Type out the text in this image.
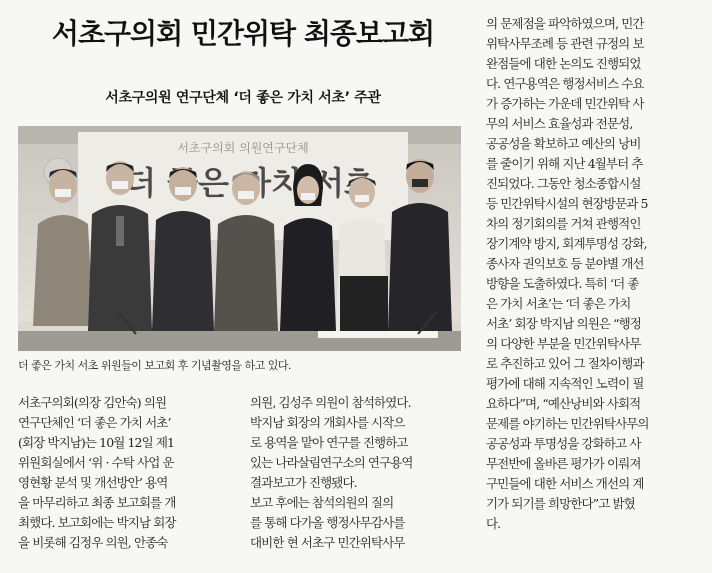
서초구의회 민간위탁 최종보고회
서초구의원 연구단체 ‘더 좋은 가치 서초’ 주관
서초구의회 의원연구단체
더 좋은 가치 서초
더 좋은 가치 서초 위원들이 보고회 후 기념촬영을 하고 있다.

서초구의회(의장 김안숙) 의원

연구단체인 ‘더 좋은 가치 서초’

(회장 박지남)는 10월 12일 제1

위원회실에서 ‘위 · 수탁 사업 운

영현황 분석 및 개선방안’ 용역

을 마무리하고 최종 보고회를 개

최했다. 보고회에는 박지남 회장

을 비롯해 김정우 의원, 안종숙

의원, 김성주 의원이 참석하였다.

박지남 회장의 개회사를 시작으

로 용역을 맡아 연구를 진행하고

있는 나라살림연구소의 연구용역

결과보고가 진행됐다.

보고 후에는 참석의원의 질의

를 통해 다가올 행정사무감사를

대비한 현 서초구 민간위탁사무

의 문제점을 파악하였으며, 민간

위탁사무조례 등 관련 규정의 보

완점들에 대한 논의도 진행되었

다. 연구용역은 행정서비스 수요

가 증가하는 가운데 민간위탁 사

무의 서비스 효율성과 전문성,

공공성을 확보하고 예산의 낭비

를 줄이기 위해 지난 4월부터 추

진되었다. 그동안 청소종합시설

등 민간위탁시설의 현장방문과 5

차의 정기회의를 거쳐 관행적인

장기계약 방지, 회계투명성 강화,

종사자 권익보호 등 분야별 개선

방향을 도출하였다. 특히 ‘더 좋

은 가치 서초’는 ‘더 좋은 가치

서초’ 회장 박지남 의원은 “행정

의 다양한 부분을 민간위탁사무

로 추진하고 있어 그 절차이행과

평가에 대해 지속적인 노력이 필

요하다”며, “예산낭비와 사회적

문제를 야기하는 민간위탁사무의

공공성과 투명성을 강화하고 사

무전반에 올바른 평가가 이뤄져

구민들에 대한 서비스 개선의 계

기가 되기를 희망한다”고 밝혔

다.
